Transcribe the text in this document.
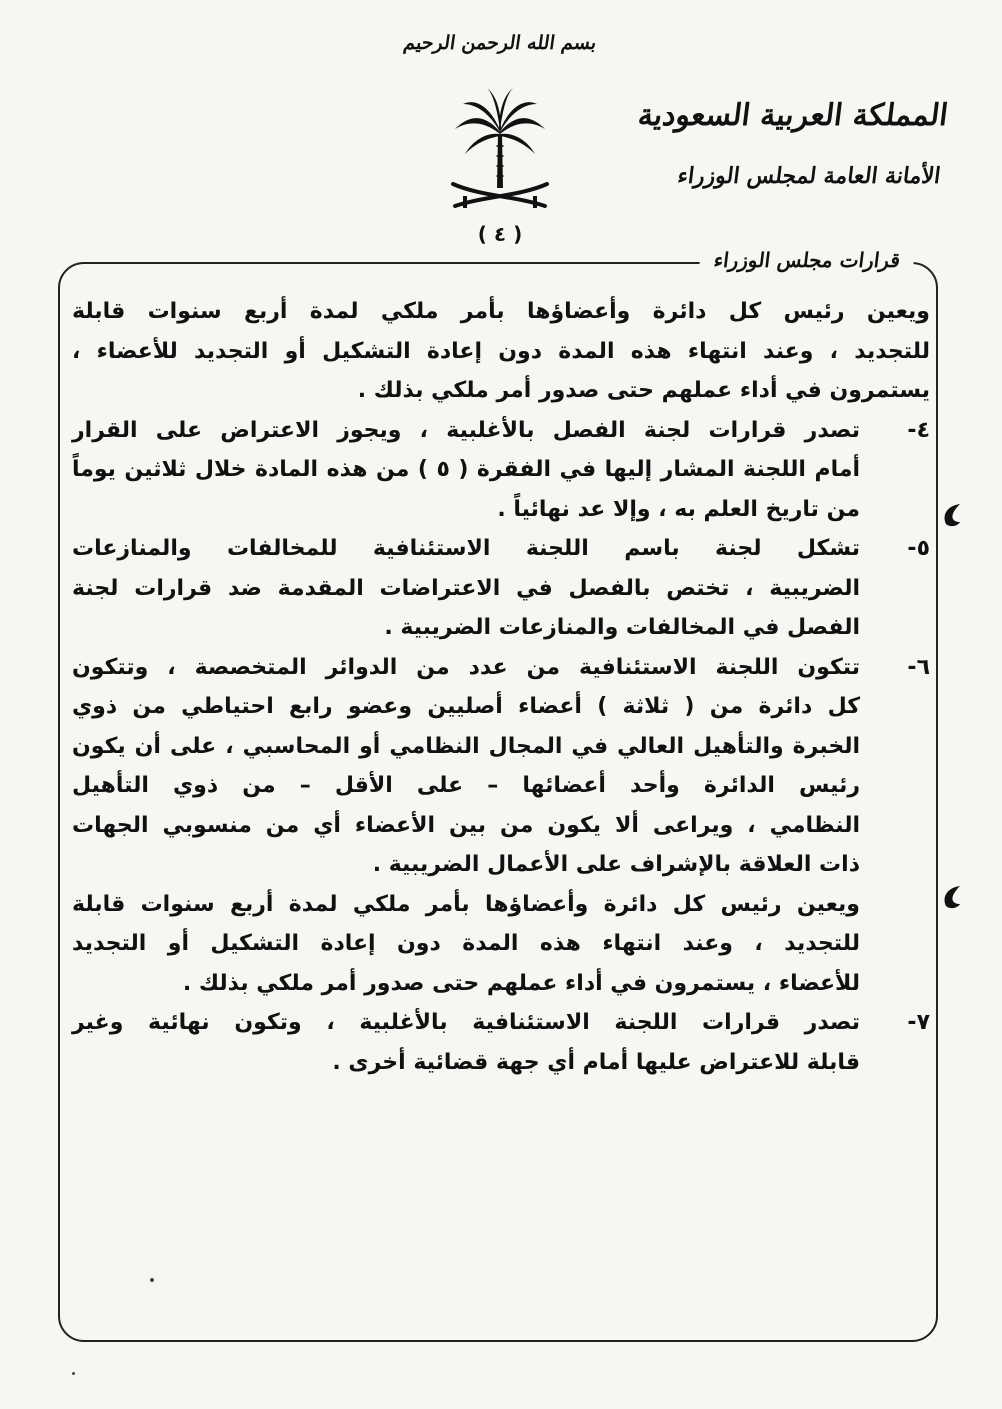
بسم الله الرحمن الرحيم
المملكة العربية السعودية
الأمانة العامة لمجلس الوزراء
( ٤ )
قرارات مجلس الوزراء
ويعين رئيس كل دائرة وأعضاؤها بأمر ملكي لمدة أربع سنوات قابلة
للتجديد ، وعند انتهاء هذه المدة دون إعادة التشكيل أو التجديد للأعضاء ،
يستمرون في أداء عملهم حتى صدور أمر ملكي بذلك .
٤-
تصدر قرارات لجنة الفصل بالأغلبية ، ويجوز الاعتراض على القرار
أمام اللجنة المشار إليها في الفقرة ( ٥ ) من هذه المادة خلال ثلاثين يوماً
من تاريخ العلم به ، وإلا عد نهائياً .
٥-
تشكل لجنة باسم اللجنة الاستئنافية للمخالفات والمنازعات
الضريبية ، تختص بالفصل في الاعتراضات المقدمة ضد قرارات لجنة
الفصل في المخالفات والمنازعات الضريبية .
٦-
تتكون اللجنة الاستئنافية من عدد من الدوائر المتخصصة ، وتتكون
كل دائرة من ( ثلاثة ) أعضاء أصليين وعضو رابع احتياطي من ذوي
الخبرة والتأهيل العالي في المجال النظامي أو المحاسبي ، على أن يكون
رئيس الدائرة وأحد أعضائها – على الأقل – من ذوي التأهيل
النظامي ، ويراعى ألا يكون من بين الأعضاء أي من منسوبي الجهات
ذات العلاقة بالإشراف على الأعمال الضريبية .
ويعين رئيس كل دائرة وأعضاؤها بأمر ملكي لمدة أربع سنوات قابلة
للتجديد ، وعند انتهاء هذه المدة دون إعادة التشكيل أو التجديد
للأعضاء ، يستمرون في أداء عملهم حتى صدور أمر ملكي بذلك .
٧-
تصدر قرارات اللجنة الاستئنافية بالأغلبية ، وتكون نهائية وغير
قابلة للاعتراض عليها أمام أي جهة قضائية أخرى .
